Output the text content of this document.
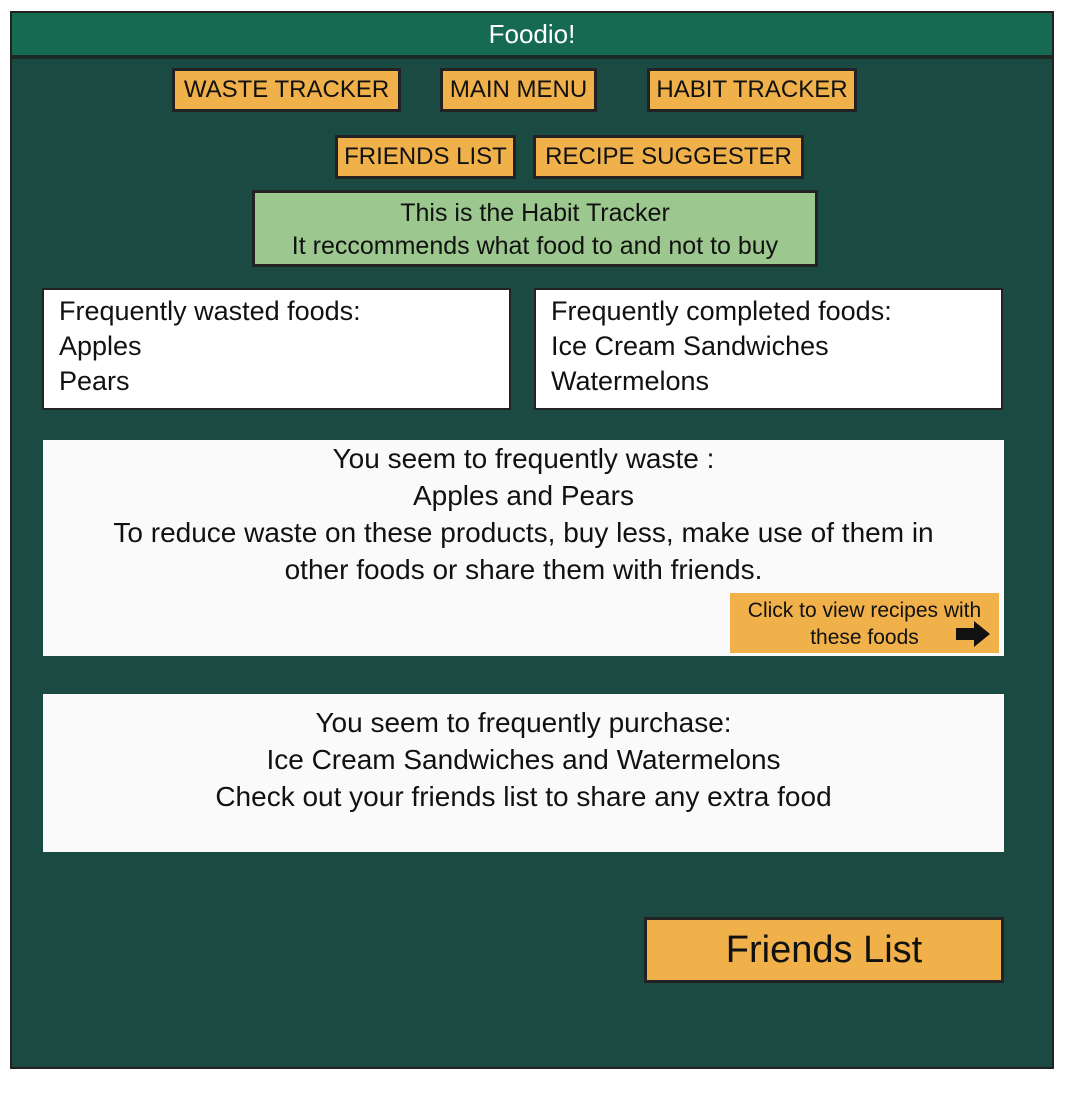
Foodio!
WASTE TRACKER	MAIN MENU	HABIT TRACKER
FRIENDS LIST	RECIPE SUGGESTER
This is the Habit Tracker
It reccommends what food to and not to buy
Frequently wasted foods:
Apples
Pears
Frequently completed foods:
Ice Cream Sandwiches
Watermelons
You seem to frequently waste :
Apples and Pears
To reduce waste on these products, buy less, make use of them in
other foods or share them with friends.
Click to view recipes with these foods
You seem to frequently purchase:
Ice Cream Sandwiches and Watermelons
Check out your friends list to share any extra food
Friends List
